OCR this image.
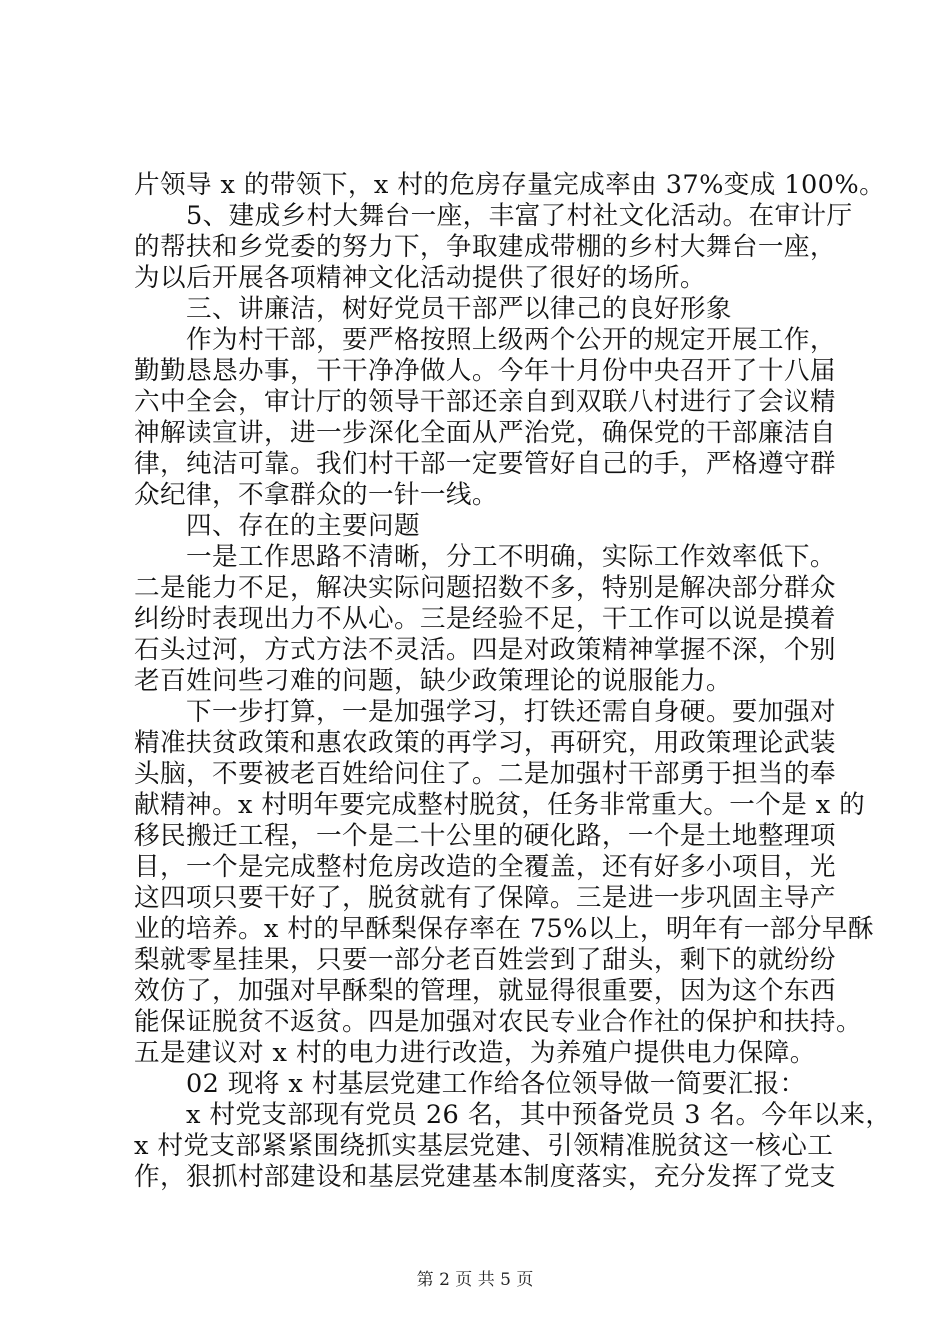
片领导 x 的带领下，x 村的危房存量完成率由 37%变成 100%。
　　5、建成乡村大舞台一座，丰富了村社文化活动。在审计厅
的帮扶和乡党委的努力下，争取建成带棚的乡村大舞台一座，
为以后开展各项精神文化活动提供了很好的场所。
　　三、讲廉洁，树好党员干部严以律己的良好形象
　　作为村干部，要严格按照上级两个公开的规定开展工作，
勤勤恳恳办事，干干净净做人。今年十月份中央召开了十八届
六中全会，审计厅的领导干部还亲自到双联八村进行了会议精
神解读宣讲，进一步深化全面从严治党，确保党的干部廉洁自
律，纯洁可靠。我们村干部一定要管好自己的手，严格遵守群
众纪律，不拿群众的一针一线。
　　四、存在的主要问题
　　一是工作思路不清晰，分工不明确，实际工作效率低下。
二是能力不足，解决实际问题招数不多，特别是解决部分群众
纠纷时表现出力不从心。三是经验不足，干工作可以说是摸着
石头过河，方式方法不灵活。四是对政策精神掌握不深，个别
老百姓问些刁难的问题，缺少政策理论的说服能力。
　　下一步打算，一是加强学习，打铁还需自身硬。要加强对
精准扶贫政策和惠农政策的再学习，再研究，用政策理论武装
头脑，不要被老百姓给问住了。二是加强村干部勇于担当的奉
献精神。x 村明年要完成整村脱贫，任务非常重大。一个是 x 的
移民搬迁工程，一个是二十公里的硬化路，一个是土地整理项
目，一个是完成整村危房改造的全覆盖，还有好多小项目，光
这四项只要干好了，脱贫就有了保障。三是进一步巩固主导产
业的培养。x 村的早酥梨保存率在 75%以上，明年有一部分早酥
梨就零星挂果，只要一部分老百姓尝到了甜头，剩下的就纷纷
效仿了，加强对早酥梨的管理，就显得很重要，因为这个东西
能保证脱贫不返贫。四是加强对农民专业合作社的保护和扶持。
五是建议对 x 村的电力进行改造，为养殖户提供电力保障。
　　02 现将 x 村基层党建工作给各位领导做一简要汇报：
　　x 村党支部现有党员 26 名，其中预备党员 3 名。今年以来，
x 村党支部紧紧围绕抓实基层党建、引领精准脱贫这一核心工
作，狠抓村部建设和基层党建基本制度落实，充分发挥了党支
第 2 页 共 5 页
